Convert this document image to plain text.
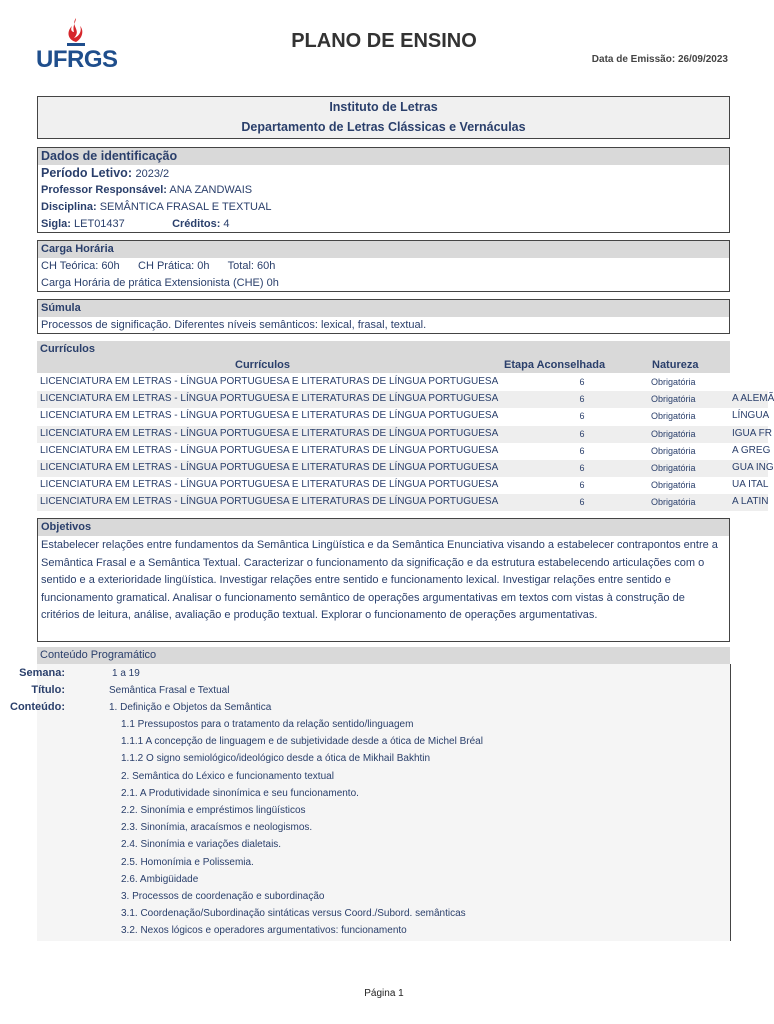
UFRGS
PLANO DE ENSINO
Data de Emissão: 26/09/2023
Instituto de Letras
Departamento de Letras Clássicas e Vernáculas
Dados de identificação
Período Letivo: 2023/2
Professor Responsável: ANA ZANDWAIS
Disciplina: SEMÂNTICA FRASAL E TEXTUAL
Sigla: LET01437	Créditos: 4
Carga Horária
CH Teórica: 60h      CH Prática: 0h      Total: 60h
Carga Horária de prática Extensionista (CHE) 0h
Súmula
Processos de significação. Diferentes níveis semânticos: lexical, frasal, textual.
Currículos
Currículos	Etapa Aconselhada	Natureza
LICENCIATURA EM LETRAS - LÍNGUA PORTUGUESA E LITERATURAS DE LÍNGUA PORTUGUESA	6	Obrigatória
LICENCIATURA EM LETRAS - LÍNGUA PORTUGUESA E LITERATURAS DE LÍNGUA PORTUGUESA	6	Obrigatória	A ALEMÃ
LICENCIATURA EM LETRAS - LÍNGUA PORTUGUESA E LITERATURAS DE LÍNGUA PORTUGUESA	6	Obrigatória	LÍNGUA
LICENCIATURA EM LETRAS - LÍNGUA PORTUGUESA E LITERATURAS DE LÍNGUA PORTUGUESA	6	Obrigatória	IGUA FR
LICENCIATURA EM LETRAS - LÍNGUA PORTUGUESA E LITERATURAS DE LÍNGUA PORTUGUESA	6	Obrigatória	A GREG
LICENCIATURA EM LETRAS - LÍNGUA PORTUGUESA E LITERATURAS DE LÍNGUA PORTUGUESA	6	Obrigatória	GUA ING
LICENCIATURA EM LETRAS - LÍNGUA PORTUGUESA E LITERATURAS DE LÍNGUA PORTUGUESA	6	Obrigatória	UA ITAL
LICENCIATURA EM LETRAS - LÍNGUA PORTUGUESA E LITERATURAS DE LÍNGUA PORTUGUESA	6	Obrigatória	A LATIN
Objetivos
Estabelecer relações entre fundamentos da Semântica Lingüística e da Semântica Enunciativa visando a estabelecer contrapontos entre a Semântica Frasal e a Semântica Textual. Caracterizar o funcionamento da significação e da estrutura estabelecendo articulações com o sentido e a exterioridade lingüística. Investigar relações entre sentido e funcionamento lexical. Investigar relações entre sentido e funcionamento gramatical. Analisar o funcionamento semântico de operações argumentativas em textos com vistas à construção de critérios de leitura, análise, avaliação e produção textual. Explorar o funcionamento de operações argumentativas.
Conteúdo Programático
Semana:	1 a 19
Título:	Semântica Frasal e Textual
Conteúdo:	1. Definição e Objetos da Semântica
1.1 Pressupostos para o tratamento da relação sentido/linguagem
1.1.1 A concepção de linguagem e de subjetividade desde a ótica de Michel Bréal
1.1.2 O signo semiológico/ideológico desde a ótica de Mikhail Bakhtin
2. Semântica do Léxico e funcionamento textual
2.1. A Produtividade sinonímica e seu funcionamento.
2.2. Sinonímia e empréstimos lingüísticos
2.3. Sinonímia, aracaísmos e neologismos.
2.4. Sinonímia e variações dialetais.
2.5. Homonímia e Polissemia.
2.6. Ambigüidade
3. Processos de coordenação e subordinação
3.1. Coordenação/Subordinação sintáticas versus Coord./Subord. semânticas
3.2. Nexos lógicos e operadores argumentativos: funcionamento
Página 1
